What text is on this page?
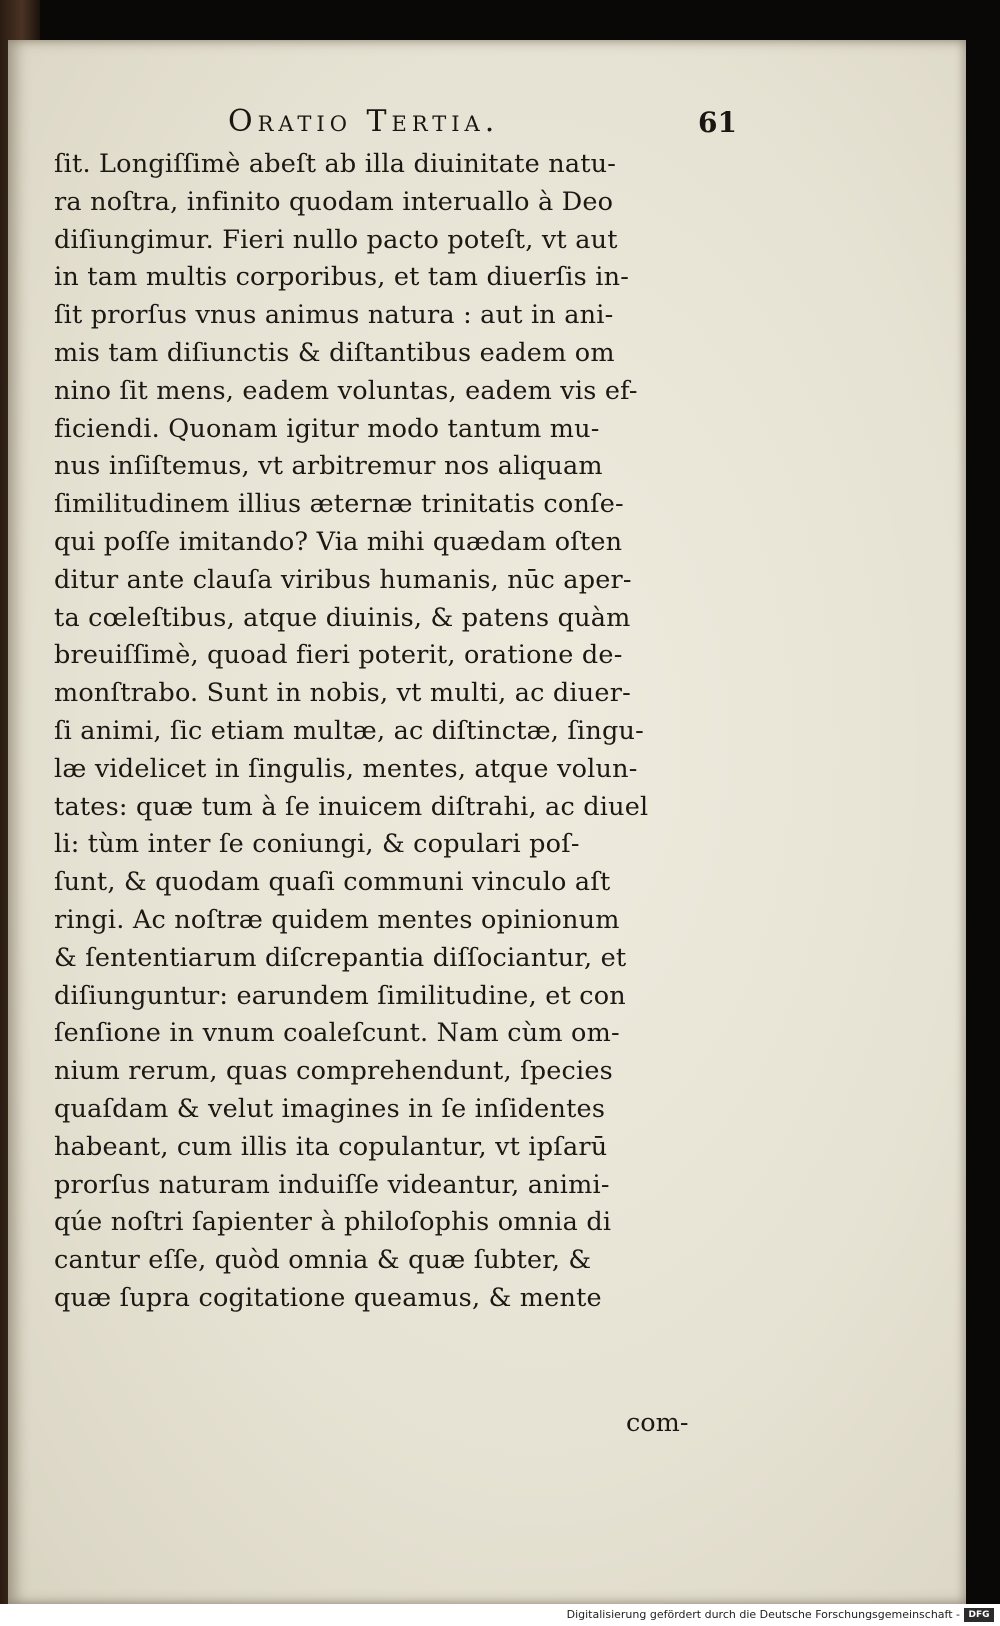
Oratio Tertia.	61
ſit. Longiſſimè abeſt ab illa diuinitate natu-
ra noſtra, infinito quodam interuallo à Deo
diſiungimur. Fieri nullo pacto poteſt, vt aut
in tam multis corporibus, et tam diuerſis in-
ſit prorſus vnus animus natura : aut in ani-
mis tam diſiunctis & diſtantibus eadem om
nino ſit mens, eadem voluntas, eadem vis ef-
ficiendi. Quonam igitur modo tantum mu-
nus inſiſtemus, vt arbitremur nos aliquam
ſimilitudinem illius æternæ trinitatis conſe-
qui poſſe imitando? Via mihi quædam oſten
ditur ante clauſa viribus humanis, nūc aper-
ta cœleſtibus, atque diuinis, & patens quàm
breuiſſimè, quoad fieri poterit, oratione de-
monſtrabo. Sunt in nobis, vt multi, ac diuer-
ſi animi, ſic etiam multæ, ac diſtinctæ, ſingu-
læ videlicet in ſingulis, mentes, atque volun-
tates: quæ tum à ſe inuicem diſtrahi, ac diuel
li: tùm inter ſe coniungi, & copulari poſ-
ſunt, & quodam quaſi communi vinculo aſt
ringi. Ac noſtræ quidem mentes opinionum
& ſententiarum diſcrepantia diſſociantur, et
diſiunguntur: earundem ſimilitudine, et con
ſenſione in vnum coaleſcunt. Nam cùm om-
nium rerum, quas comprehendunt, ſpecies
quaſdam & velut imagines in ſe inſidentes
habeant, cum illis ita copulantur, vt ipſarū
prorſus naturam induiſſe videantur, animi-
qúe noſtri ſapienter à philoſophis omnia di
cantur eſſe, quòd omnia & quæ ſubter, &
quæ ſupra cogitatione queamus, & mente
com-
Digitalisierung gefördert durch die Deutsche Forschungsgemeinschaft - DFG
